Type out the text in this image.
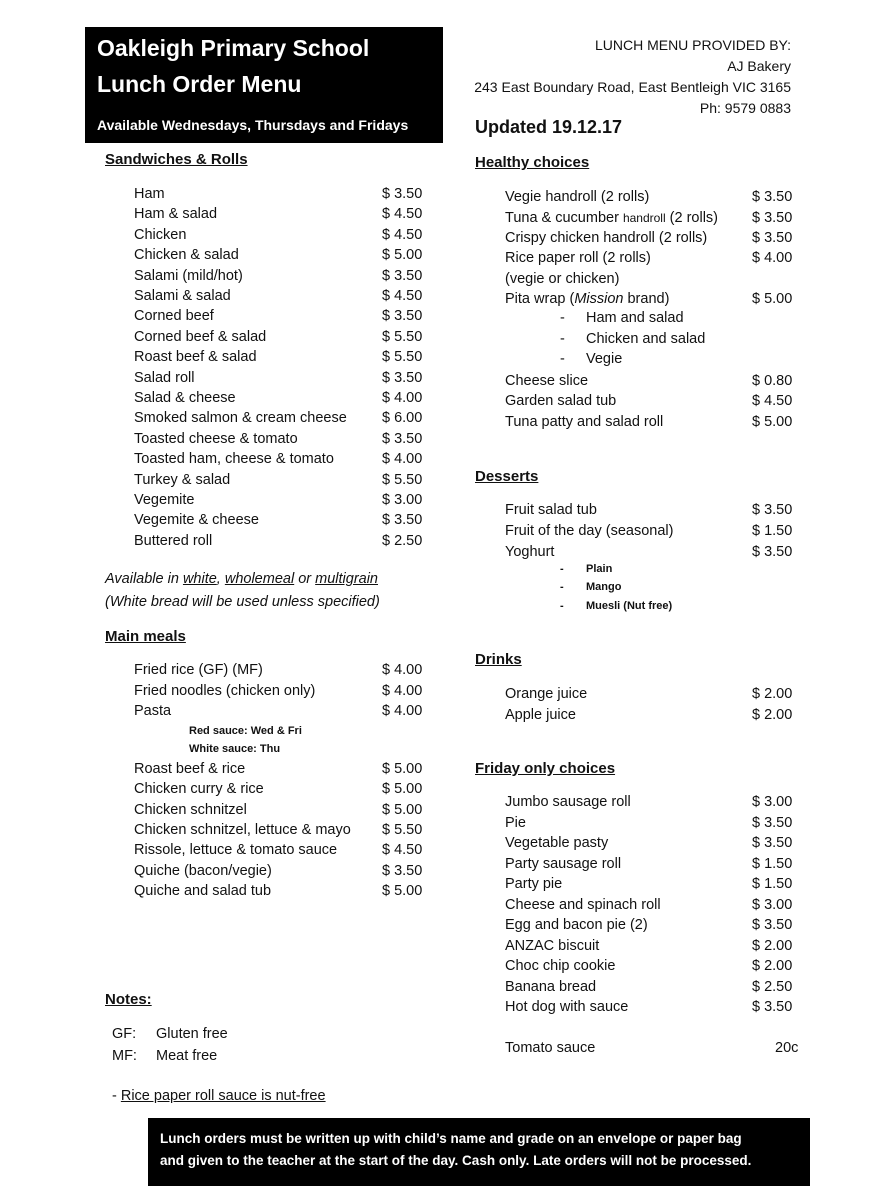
Oakleigh Primary School
Lunch Order Menu
Available Wednesdays, Thursdays and Fridays
LUNCH MENU PROVIDED BY:
AJ Bakery
243 East Boundary Road, East Bentleigh VIC 3165
Ph: 9579 0883
Updated 19.12.17
Sandwiches & Rolls
Ham	$ 3.50
Ham & salad	$ 4.50
Chicken	$ 4.50
Chicken & salad	$ 5.00
Salami (mild/hot)	$ 3.50
Salami & salad	$ 4.50
Corned beef	$ 3.50
Corned beef & salad	$ 5.50
Roast beef & salad	$ 5.50
Salad roll	$ 3.50
Salad & cheese	$ 4.00
Smoked salmon & cream cheese $ 6.00
Toasted cheese & tomato	$ 3.50
Toasted ham, cheese & tomato	$ 4.00
Turkey & salad	$ 5.50
Vegemite	$ 3.00
Vegemite & cheese	$ 3.50
Buttered roll	$ 2.50
Available in white, wholemeal or multigrain
(White bread will be used unless specified)
Main meals
Fried rice (GF) (MF)	$ 4.00
Fried noodles (chicken only)	$ 4.00
Pasta	$ 4.00
Red sauce: Wed & Fri
White sauce: Thu
Roast beef & rice	$ 5.00
Chicken curry & rice	$ 5.00
Chicken schnitzel	$ 5.00
Chicken schnitzel, lettuce & mayo $ 5.50
Rissole, lettuce & tomato sauce	$ 4.50
Quiche (bacon/vegie)	$ 3.50
Quiche and salad tub	$ 5.00
Notes:
GF: Gluten free
MF: Meat free
- Rice paper roll sauce is nut-free
Healthy choices
Vegie handroll (2 rolls)	$ 3.50
Tuna & cucumber handroll (2 rolls) $ 3.50
Crispy chicken handroll (2 rolls)	$ 3.50
Rice paper roll (2 rolls)	$ 4.00
(vegie or chicken)
Pita wrap (Mission brand)	$ 5.00
- Ham and salad
- Chicken and salad
- Vegie
Cheese slice	$ 0.80
Garden salad tub	$ 4.50
Tuna patty and salad roll	$ 5.00
Desserts
Fruit salad tub	$ 3.50
Fruit of the day (seasonal)	$ 1.50
Yoghurt	$ 3.50
- Plain
- Mango
- Muesli (Nut free)
Drinks
Orange juice	$ 2.00
Apple juice	$ 2.00
Friday only choices
Jumbo sausage roll	$ 3.00
Pie	$ 3.50
Vegetable pasty	$ 3.50
Party sausage roll	$ 1.50
Party pie	$ 1.50
Cheese and spinach roll	$ 3.00
Egg and bacon pie (2)	$ 3.50
ANZAC biscuit	$ 2.00
Choc chip cookie	$ 2.00
Banana bread	$ 2.50
Hot dog with sauce	$ 3.50
Tomato sauce	20c
Lunch orders must be written up with child’s name and grade on an envelope or paper bag
and given to the teacher at the start of the day. Cash only. Late orders will not be processed.
